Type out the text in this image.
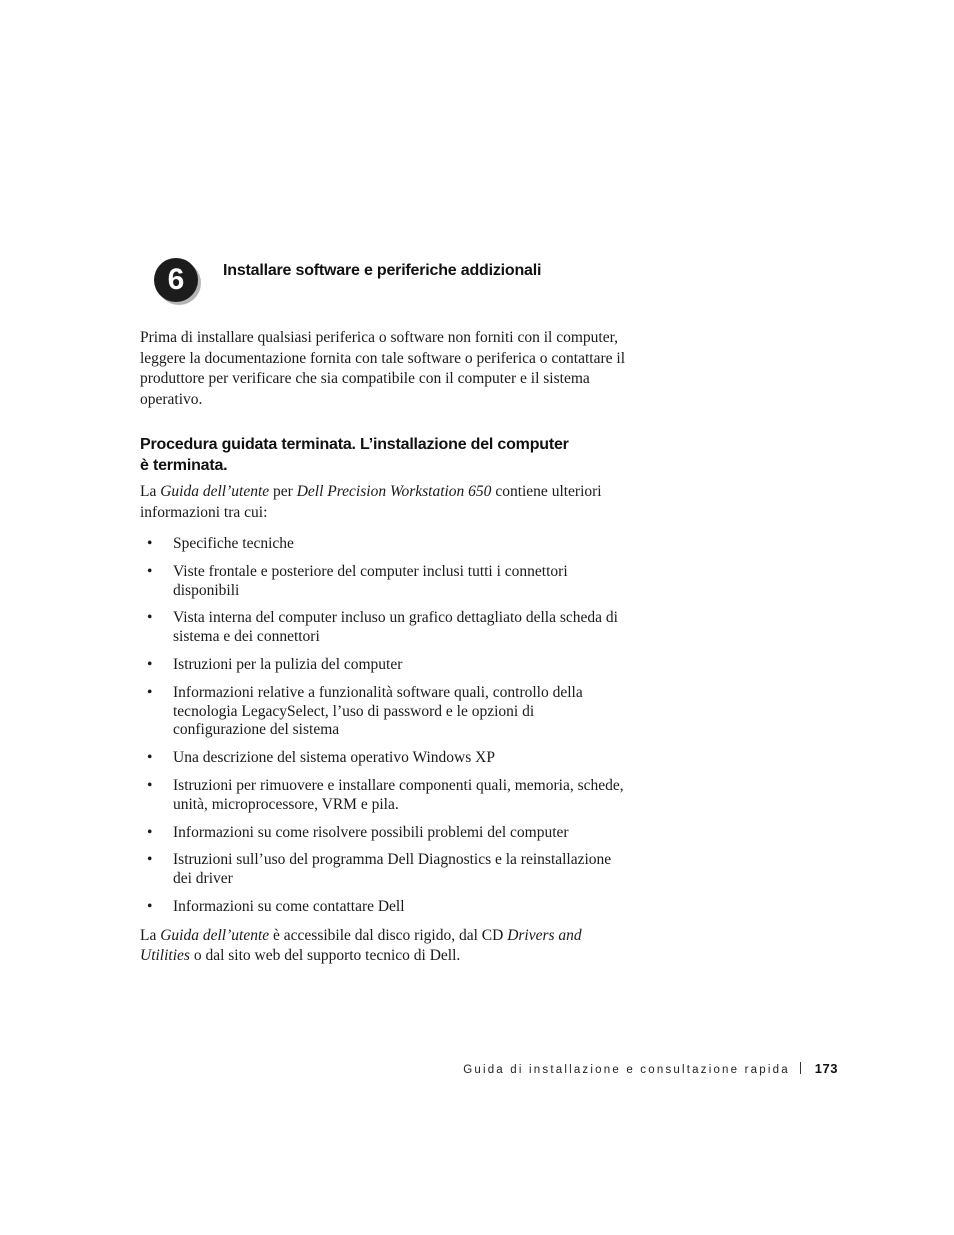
6	Installare software e periferiche addizionali

Prima di installare qualsiasi periferica o software non forniti con il computer, leggere la documentazione fornita con tale software o periferica o contattare il produttore per verificare che sia compatibile con il computer e il sistema operativo.

Procedura guidata terminata. L’installazione del computer
è terminata.

La Guida dell’utente per Dell Precision Workstation 650 contiene ulteriori informazioni tra cui:

• Specifiche tecniche
• Viste frontale e posteriore del computer inclusi tutti i connettori disponibili
• Vista interna del computer incluso un grafico dettagliato della scheda di sistema e dei connettori
• Istruzioni per la pulizia del computer
• Informazioni relative a funzionalità software quali, controllo della tecnologia LegacySelect, l’uso di password e le opzioni di configurazione del sistema
• Una descrizione del sistema operativo Windows XP
• Istruzioni per rimuovere e installare componenti quali, memoria, schede, unità, microprocessore, VRM e pila.
• Informazioni su come risolvere possibili problemi del computer
• Istruzioni sull’uso del programma Dell Diagnostics e la reinstallazione dei driver
• Informazioni su come contattare Dell

La Guida dell’utente è accessibile dal disco rigido, dal CD Drivers and Utilities o dal sito web del supporto tecnico di Dell.

Guida di installazione e consultazione rapida 173
